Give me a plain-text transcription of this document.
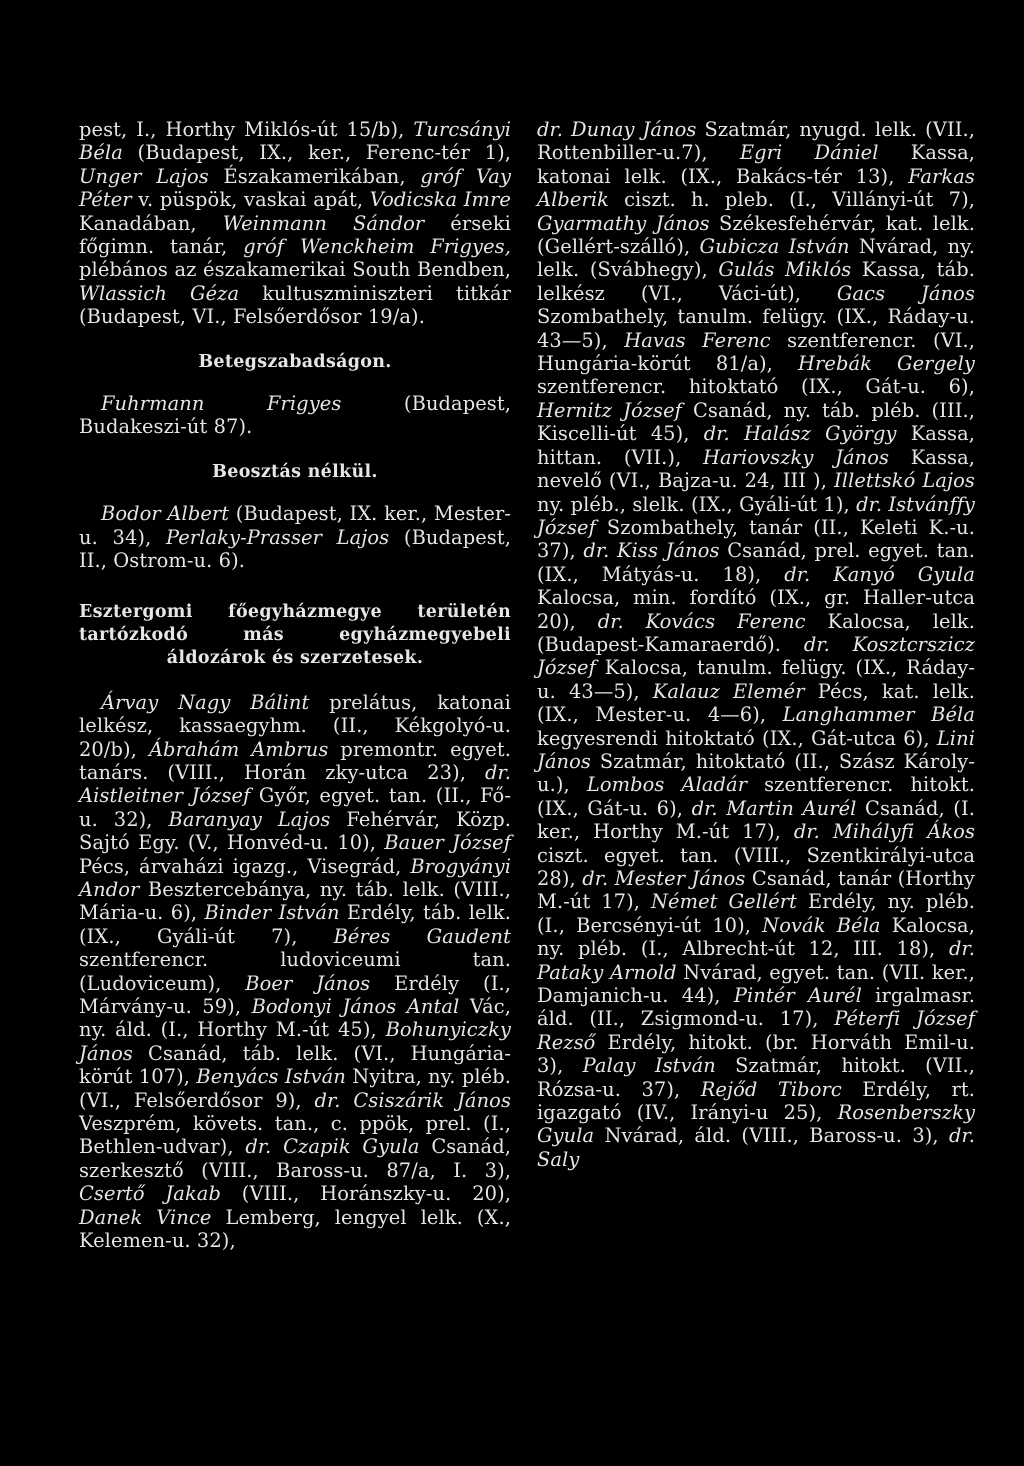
pest, I., Horthy Miklós-út 15/b), Turcsányi Béla (Budapest, IX., ker., Ferenc-tér 1), Unger Lajos Északamerikában, gróf Vay Péter v. püspök, vaskai apát, Vodicska Imre Kanadában, Weinmann Sándor érseki főgimn. tanár, gróf Wenckheim Frigyes, plébános az északamerikai South Bendben, Wlassich Géza kultuszminiszteri titkár (Budapest, VI., Felsőerdősor 19/a).

Betegszabadságon.

Fuhrmann Frigyes (Budapest, Budakeszi-út 87).

Beosztás nélkül.

Bodor Albert (Budapest, IX. ker., Mester-u. 34), Perlaky-Prasser Lajos (Budapest, II., Ostrom-u. 6).

Esztergomi főegyházmegye területén tartózkodó más egyházmegyebeli áldozárok és szerzetesek.

Árvay Nagy Bálint prelátus, katonai lelkész, kassaegyhm. (II., Kékgolyó-u. 20/b), Ábrahám Ambrus premontr. egyet. tanárs. (VIII., Horán zky-utca 23), dr. Aistleitner József Győr, egyet. tan. (II., Fő-u. 32), Baranyay Lajos Fehérvár, Közp. Sajtó Egy. (V., Honvéd-u. 10), Bauer József Pécs, árvaházi igazg., Visegrád, Brogyányi Andor Besztercebánya, ny. táb. lelk. (VIII., Mária-u. 6), Binder István Erdély, táb. lelk. (IX., Gyáli-út 7), Béres Gaudent szentferencr. ludoviceumi tan. (Ludoviceum), Boer János Erdély (I., Márvány-u. 59), Bodonyi János Antal Vác, ny. áld. (I., Horthy M.-út 45), Bohunyiczky János Csanád, táb. lelk. (VI., Hungária-körút 107), Benyács István Nyitra, ny. pléb. (VI., Felsőerdősor 9), dr. Csiszárik János Veszprém, követs. tan., c. ppök, prel. (I., Bethlen-udvar), dr. Czapik Gyula Csanád, szerkesztő (VIII., Baross-u. 87/a, I. 3), Csertő Jakab (VIII., Horánszky-u. 20), Danek Vince Lemberg, lengyel lelk. (X., Kelemen-u. 32),

dr. Dunay János Szatmár, nyugd. lelk. (VII., Rottenbiller-u.7), Egri Dániel Kassa, katonai lelk. (IX., Bakács-tér 13), Farkas Alberik ciszt. h. pleb. (I., Villányi-út 7), Gyarmathy János Székesfehérvár, kat. lelk. (Gellért-szálló), Gubicza István Nvárad, ny. lelk. (Svábhegy), Gulás Miklós Kassa, táb. lelkész (VI., Váci-út), Gacs János Szombathely, tanulm. felügy. (IX., Ráday-u. 43—5), Havas Ferenc szentferencr. (VI., Hungária-körút 81/a), Hrebák Gergely szentferencr. hitoktató (IX., Gát-u. 6), Hernitz József Csanád, ny. táb. pléb. (III., Kiscelli-út 45), dr. Halász György Kassa, hittan. (VII.), Hariovszky János Kassa, nevelő (VI., Bajza-u. 24, III ), Illettskó Lajos ny. pléb., slelk. (IX., Gyáli-út 1), dr. Istvánffy József Szombathely, tanár (II., Keleti K.-u. 37), dr. Kiss János Csanád, prel. egyet. tan. (IX., Mátyás-u. 18), dr. Kanyó Gyula Kalocsa, min. fordító (IX., gr. Haller-utca 20), dr. Kovács Ferenc Kalocsa, lelk. (Budapest-Kamaraerdő). dr. Kosztcrszicz József Kalocsa, tanulm. felügy. (IX., Ráday-u. 43—5), Kalauz Elemér Pécs, kat. lelk. (IX., Mester-u. 4—6), Langhammer Béla kegyesrendi hitoktató (IX., Gát-utca 6), Lini János Szatmár, hitoktató (II., Szász Károly-u.), Lombos Aladár szentferencr. hitokt. (IX., Gát-u. 6), dr. Martin Aurél Csanád, (I. ker., Horthy M.-út 17), dr. Mihályfi Ákos ciszt. egyet. tan. (VIII., Szentkirályi-utca 28), dr. Mester János Csanád, tanár (Horthy M.-út 17), Német Gellért Erdély, ny. pléb. (I., Bercsényi-út 10), Novák Béla Kalocsa, ny. pléb. (I., Albrecht-út 12, III. 18), dr. Pataky Arnold Nvárad, egyet. tan. (VII. ker., Damjanich-u. 44), Pintér Aurél irgalmasr. áld. (II., Zsigmond-u. 17), Péterfi József Rezső Erdély, hitokt. (br. Horváth Emil-u. 3), Palay István Szatmár, hitokt. (VII., Rózsa-u. 37), Rejőd Tiborc Erdély, rt. igazgató (IV., Irányi-u 25), Rosenberszky Gyula Nvárad, áld. (VIII., Baross-u. 3), dr. Saly
